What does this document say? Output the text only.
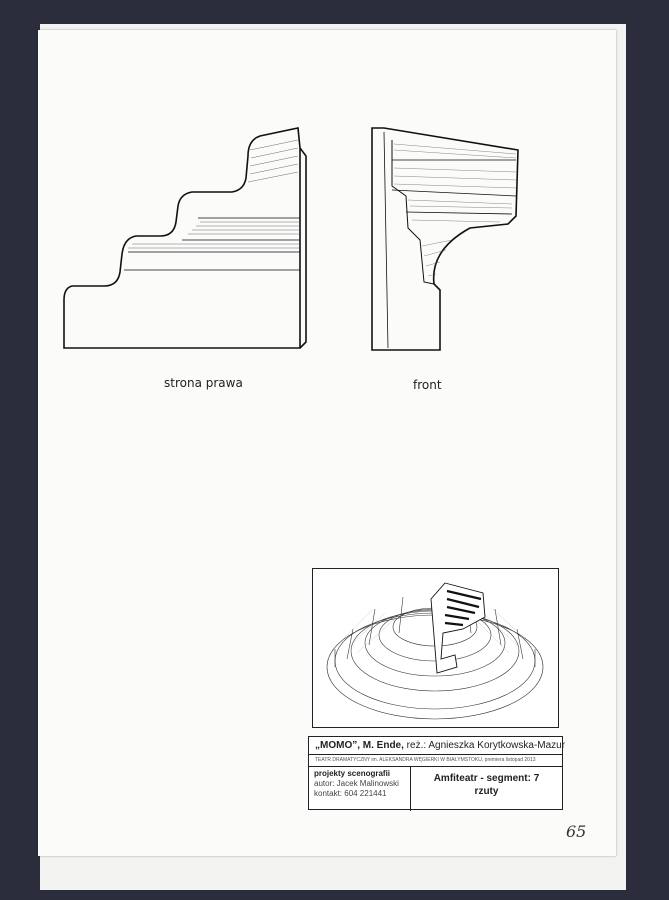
strona prawa	front
„MOMO”, M. Ende, reż.: Agnieszka Korytkowska-Mazur
TEATR DRAMATYCZNY im. ALEKSANDRA WĘGIERKI W BIAŁYMSTOKU, premiera listopad 2013
projekty scenografii
autor: Jacek Malinowski
kontakt: 604 221441
Amfiteatr - segment: 7
rzuty
65
